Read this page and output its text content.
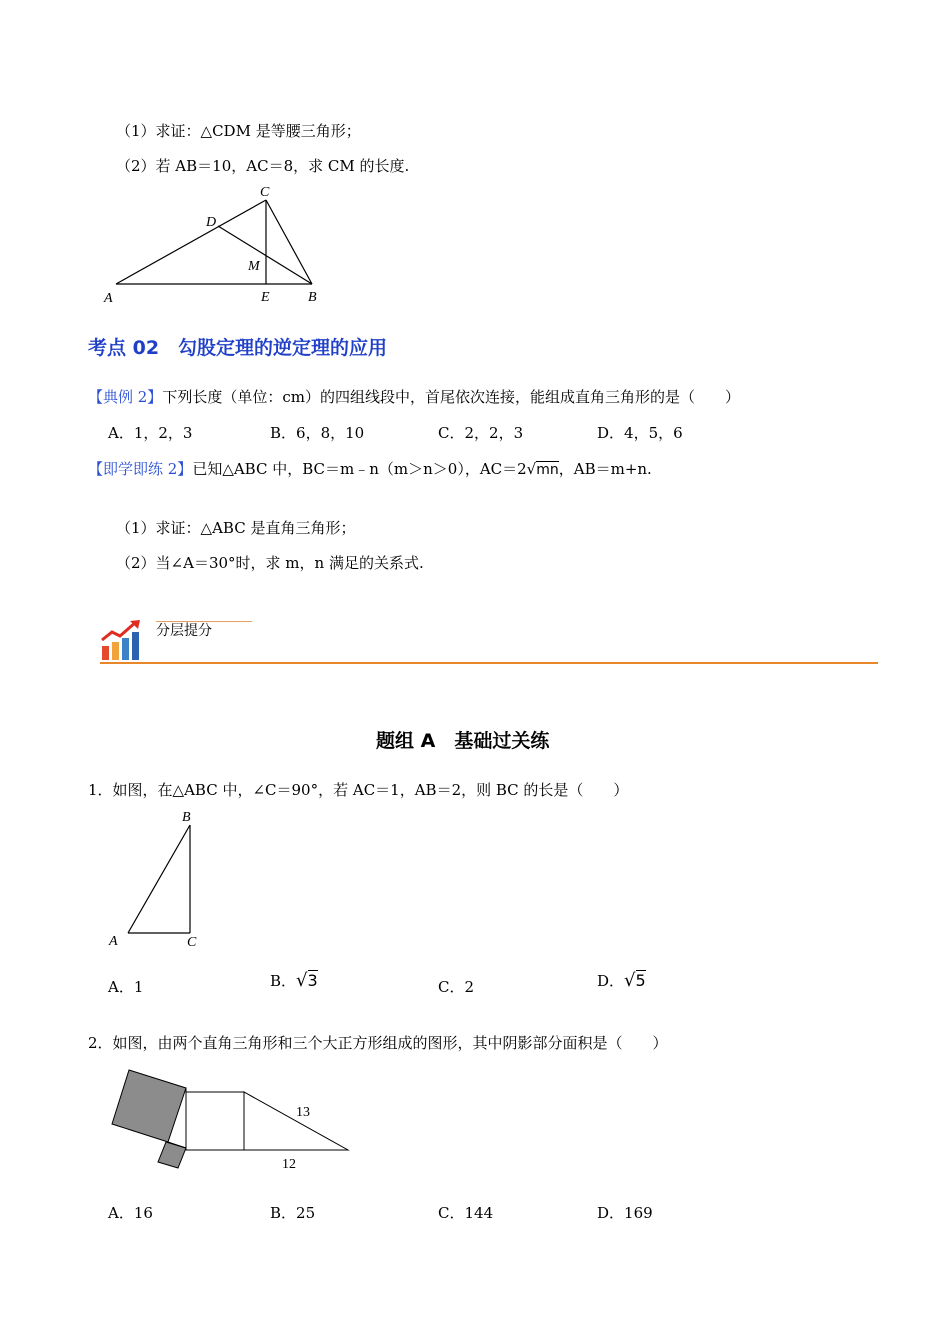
（1）求证：△CDM 是等腰三角形；
（2）若 AB＝10，AC＝8，求 CM 的长度.
A	B
C
D
E
M
考点 02　勾股定理的逆定理的应用
【典例 2】下列长度（单位：cm）的四组线段中，首尾依次连接，能组成直角三角形的是（　　）
A．1，2，3	B．6，8，10	C．2，2，3	D．4，5，6
【即学即练 2】已知△ABC 中，BC＝m﹣n（m＞n＞0），AC＝2√mn，AB＝m+n.
（1）求证：△ABC 是直角三角形；
（2）当∠A＝30°时，求 m，n 满足的关系式.
分层提分
题组 A　基础过关练
1．如图，在△ABC 中，∠C＝90°，若 AC＝1，AB＝2，则 BC 的长是（　　）
B
A	C
A．1	B．√3	C．2	D．√5
2．如图，由两个直角三角形和三个大正方形组成的图形，其中阴影部分面积是（　　）
13
12
A．16	B．25	C．144	D．169
